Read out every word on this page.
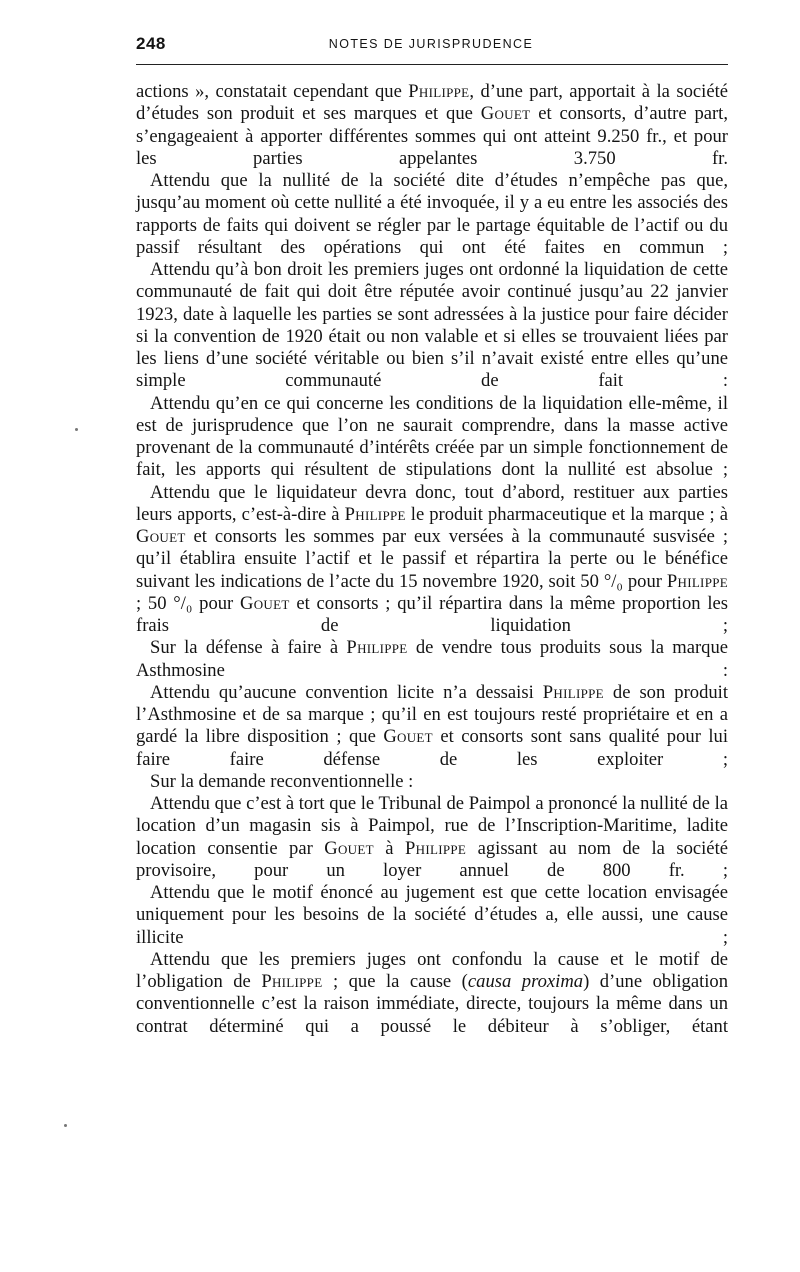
248	NOTES DE JURISPRUDENCE

actions », constatait cependant que Philippe, d’une part, apportait à la société d’études son produit et ses marques et que Gouet et consorts, d’autre part, s’engageaient à apporter différentes sommes qui ont atteint 9.250 fr., et pour les parties appelantes 3.750 fr.

Attendu que la nullité de la société dite d’études n’empêche pas que, jusqu’au moment où cette nullité a été invoquée, il y a eu entre les associés des rapports de faits qui doivent se régler par le partage équitable de l’actif ou du passif résultant des opérations qui ont été faites en commun ;

Attendu qu’à bon droit les premiers juges ont ordonné la liquidation de cette communauté de fait qui doit être réputée avoir continué jusqu’au 22 janvier 1923, date à laquelle les parties se sont adressées à la justice pour faire décider si la convention de 1920 était ou non valable et si elles se trouvaient liées par les liens d’une société véritable ou bien s’il n’avait existé entre elles qu’une simple communauté de fait :

Attendu qu’en ce qui concerne les conditions de la liquidation elle-même, il est de jurisprudence que l’on ne saurait comprendre, dans la masse active provenant de la communauté d’intérêts créée par un simple fonctionnement de fait, les apports qui résultent de stipulations dont la nullité est absolue ;

Attendu que le liquidateur devra donc, tout d’abord, restituer aux parties leurs apports, c’est-à-dire à Philippe le produit pharmaceutique et la marque ; à Gouet et consorts les sommes par eux versées à la communauté susvisée ; qu’il établira ensuite l’actif et le passif et répartira la perte ou le bénéfice suivant les indications de l’acte du 15 novembre 1920, soit 50 °/₀ pour Philippe ; 50 °/₀ pour Gouet et consorts ; qu’il répartira dans la même proportion les frais de liquidation ;

Sur la défense à faire à Philippe de vendre tous produits sous la marque Asthmosine :

Attendu qu’aucune convention licite n’a dessaisi Philippe de son produit l’Asthmosine et de sa marque ; qu’il en est toujours resté propriétaire et en a gardé la libre disposition ; que Gouet et consorts sont sans qualité pour lui faire faire défense de les exploiter ;

Sur la demande reconventionnelle :

Attendu que c’est à tort que le Tribunal de Paimpol a prononcé la nullité de la location d’un magasin sis à Paimpol, rue de l’Inscription-Maritime, ladite location consentie par Gouet à Philippe agissant au nom de la société provisoire, pour un loyer annuel de 800 fr. ;

Attendu que le motif énoncé au jugement est que cette location envisagée uniquement pour les besoins de la société d’études a, elle aussi, une cause illicite ;

Attendu que les premiers juges ont confondu la cause et le motif de l’obligation de Philippe ; que la cause (causa proxima) d’une obligation conventionnelle c’est la raison immédiate, directe, toujours la même dans un contrat déterminé qui a poussé le débiteur à s’obliger, étant
